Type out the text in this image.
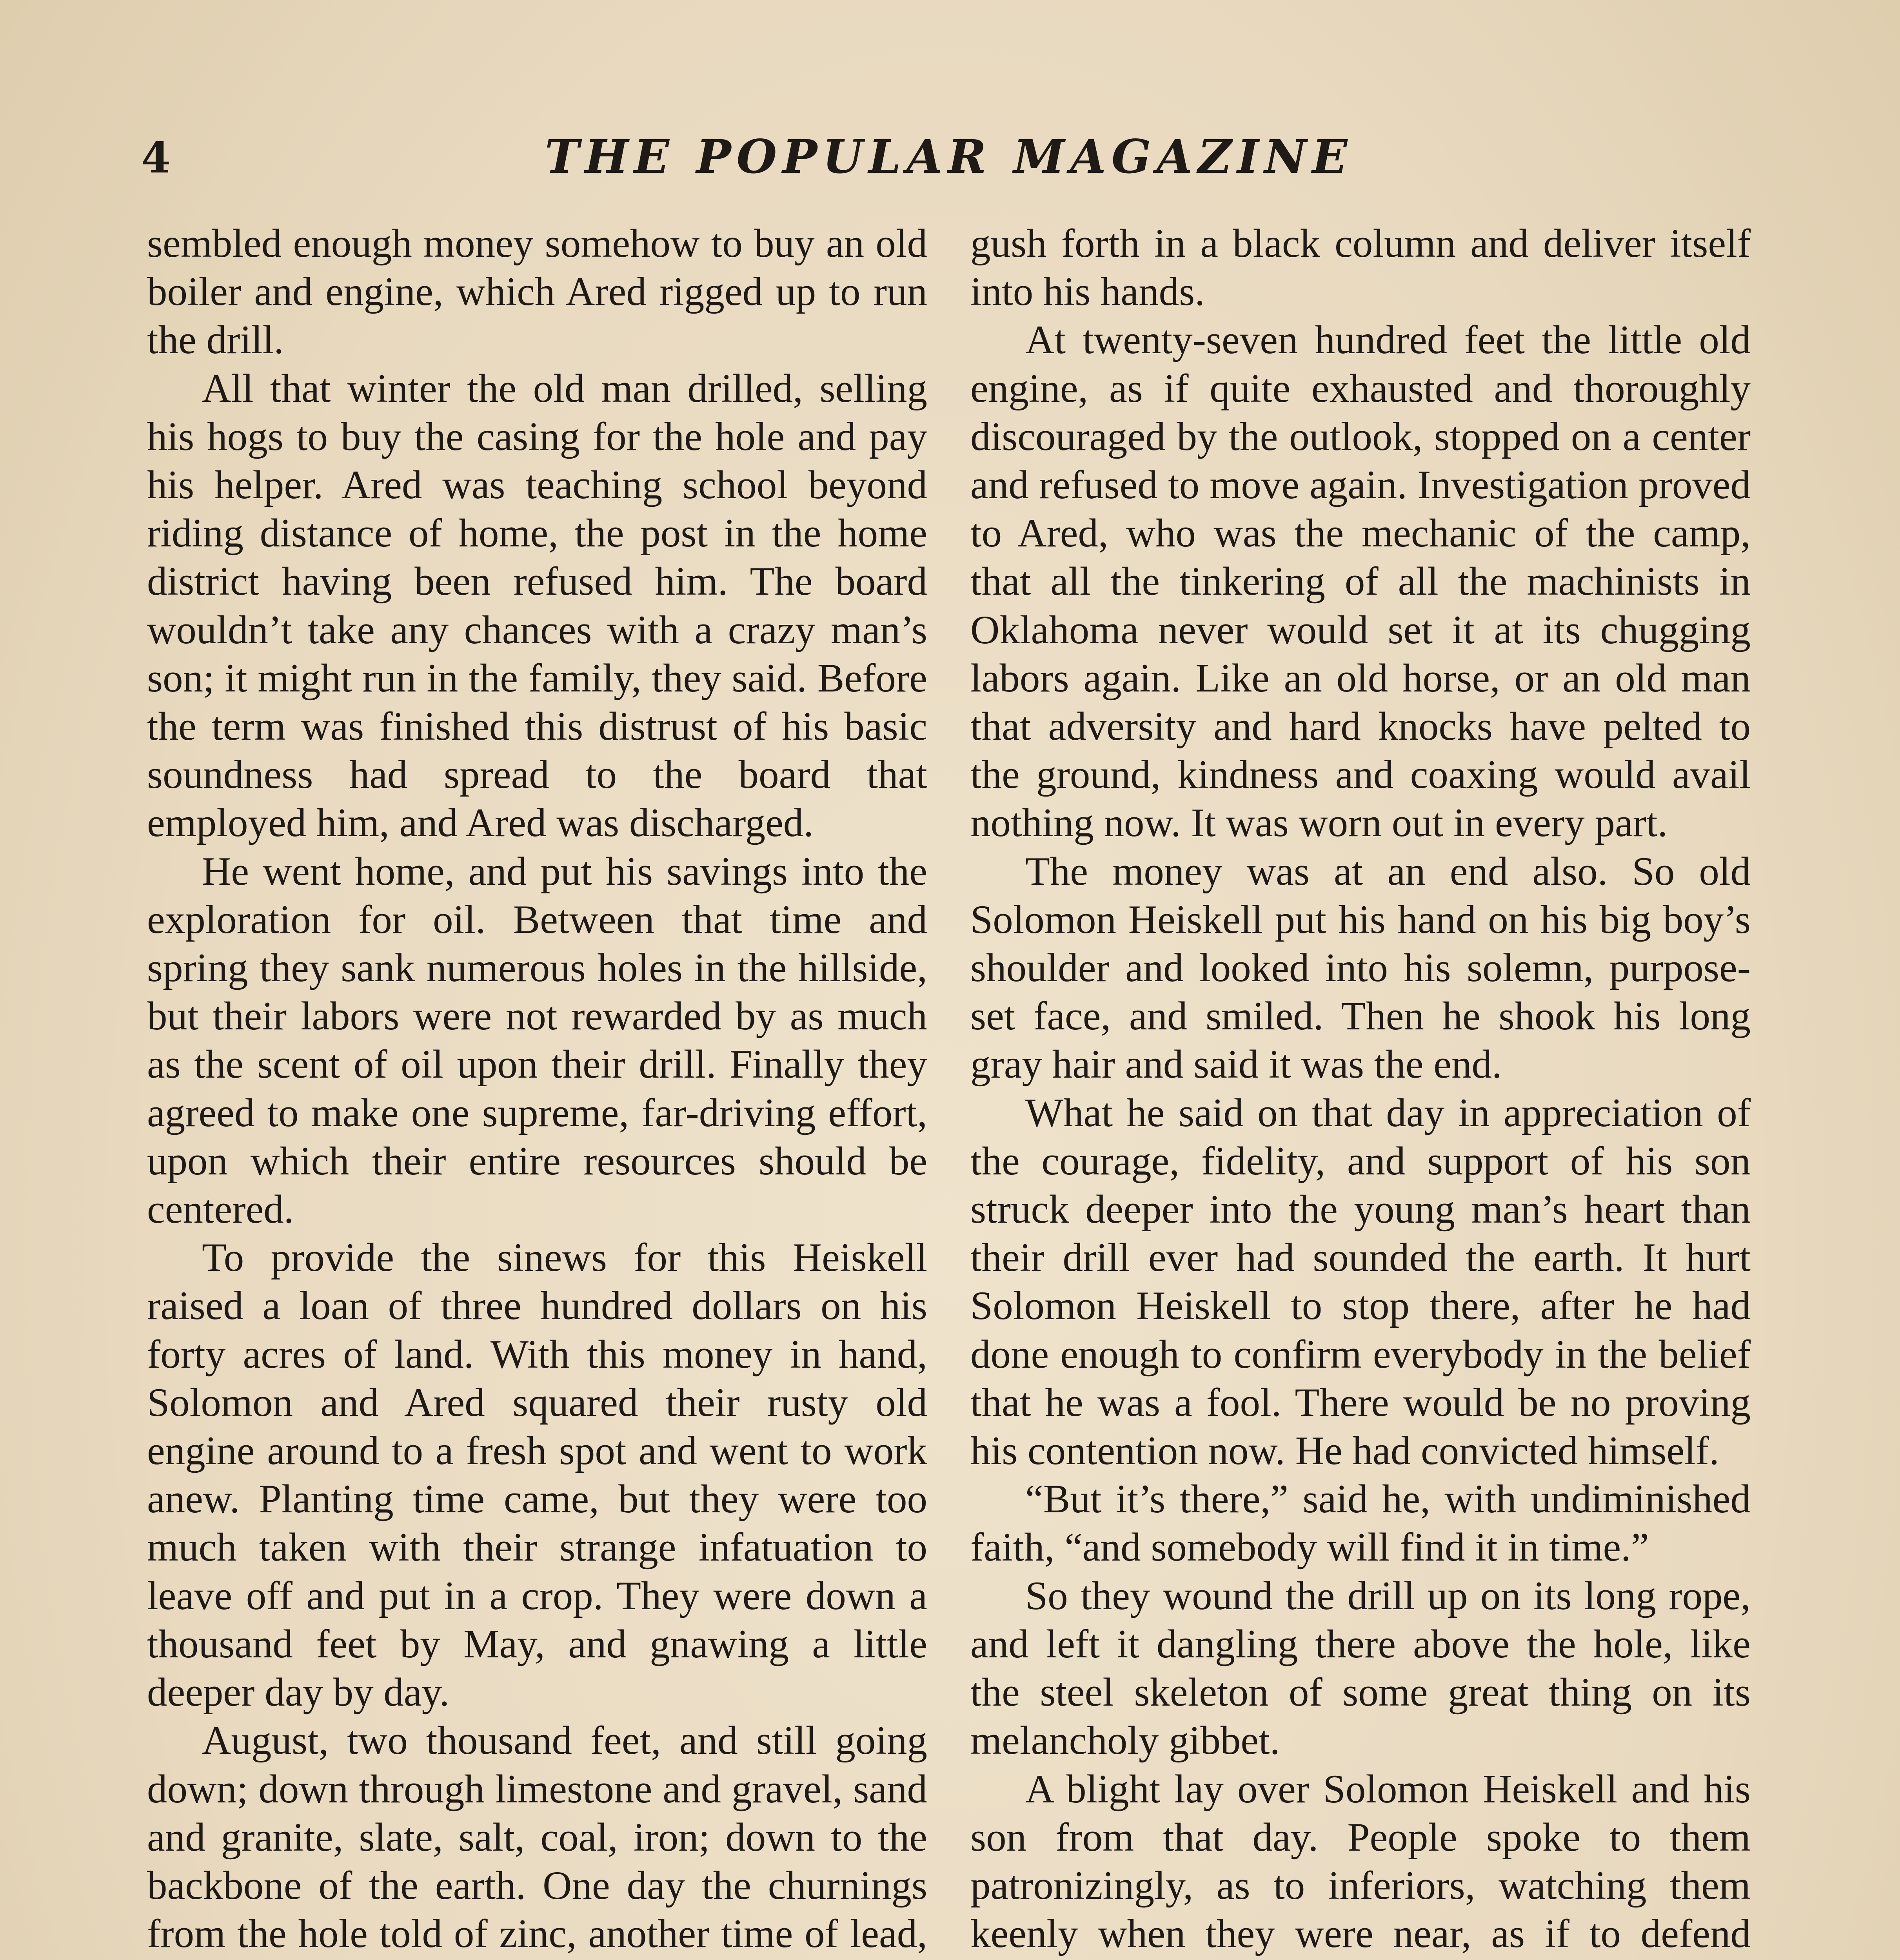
4	THE POPULAR MAGAZINE

sembled enough money somehow to buy an old boiler and engine, which Ared rigged up to run the drill.

All that winter the old man drilled, selling his hogs to buy the casing for the hole and pay his helper. Ared was teaching school beyond riding distance of home, the post in the home district having been refused him. The board wouldn’t take any chances with a crazy man’s son; it might run in the family, they said. Before the term was finished this distrust of his basic soundness had spread to the board that employed him, and Ared was discharged.

He went home, and put his savings into the exploration for oil. Between that time and spring they sank numerous holes in the hillside, but their labors were not rewarded by as much as the scent of oil upon their drill. Finally they agreed to make one supreme, far-driving effort, upon which their entire resources should be centered.

To provide the sinews for this Heiskell raised a loan of three hundred dollars on his forty acres of land. With this money in hand, Solomon and Ared squared their rusty old engine around to a fresh spot and went to work anew. Planting time came, but they were too much taken with their strange infatuation to leave off and put in a crop. They were down a thousand feet by May, and gnawing a little deeper day by day.

August, two thousand feet, and still going down; down through limestone and gravel, sand and granite, slate, salt, coal, iron; down to the backbone of the earth. One day the churnings from the hole told of zinc, another time of lead,

gush forth in a black column and deliver itself into his hands.

At twenty-seven hundred feet the little old engine, as if quite exhausted and thoroughly discouraged by the outlook, stopped on a center and refused to move again. Investigation proved to Ared, who was the mechanic of the camp, that all the tinkering of all the machinists in Oklahoma never would set it at its chugging labors again. Like an old horse, or an old man that adversity and hard knocks have pelted to the ground, kindness and coaxing would avail nothing now. It was worn out in every part.

The money was at an end also. So old Solomon Heiskell put his hand on his big boy’s shoulder and looked into his solemn, purpose-set face, and smiled. Then he shook his long gray hair and said it was the end.

What he said on that day in appreciation of the courage, fidelity, and support of his son struck deeper into the young man’s heart than their drill ever had sounded the earth. It hurt Solomon Heiskell to stop there, after he had done enough to confirm everybody in the belief that he was a fool. There would be no proving his contention now. He had convicted himself.

“But it’s there,” said he, with undiminished faith, “and somebody will find it in time.”

So they wound the drill up on its long rope, and left it dangling there above the hole, like the steel skeleton of some great thing on its melancholy gibbet.

A blight lay over Solomon Heiskell and his son from that day. People spoke to them patronizingly, as to inferiors, watching them keenly when they were near, as if to defend
